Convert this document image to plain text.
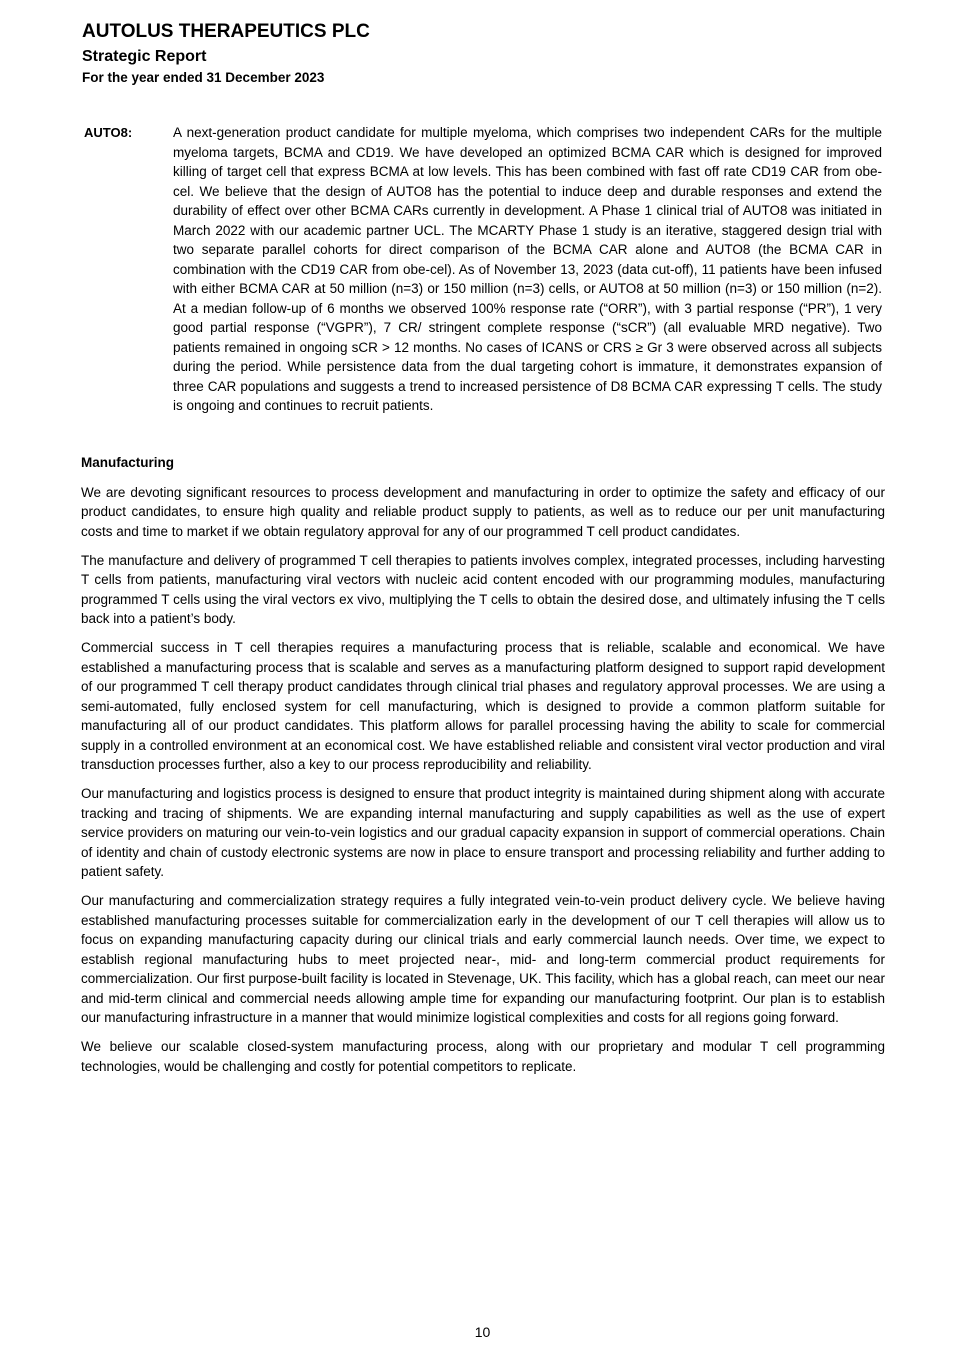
AUTOLUS THERAPEUTICS PLC
Strategic Report
For the year ended 31 December 2023
AUTO8:	A next-generation product candidate for multiple myeloma, which comprises two independent CARs for the multiple myeloma targets, BCMA and CD19. We have developed an optimized BCMA CAR which is designed for improved killing of target cell that express BCMA at low levels. This has been combined with fast off rate CD19 CAR from obe-cel. We believe that the design of AUTO8 has the potential to induce deep and durable responses and extend the durability of effect over other BCMA CARs currently in development. A Phase 1 clinical trial of AUTO8 was initiated in March 2022 with our academic partner UCL. The MCARTY Phase 1 study is an iterative, staggered design trial with two separate parallel cohorts for direct comparison of the BCMA CAR alone and AUTO8 (the BCMA CAR in combination with the CD19 CAR from obe-cel). As of November 13, 2023 (data cut-off), 11 patients have been infused with either BCMA CAR at 50 million (n=3) or 150 million (n=3) cells, or AUTO8 at 50 million (n=3) or 150 million (n=2). At a median follow-up of 6 months we observed 100% response rate (“ORR”), with 3 partial response (“PR”), 1 very good partial response (“VGPR”), 7 CR/ stringent complete response (“sCR”) (all evaluable MRD negative). Two patients remained in ongoing sCR > 12 months. No cases of ICANS or CRS ≥ Gr 3 were observed across all subjects during the period. While persistence data from the dual targeting cohort is immature, it demonstrates expansion of three CAR populations and suggests a trend to increased persistence of D8 BCMA CAR expressing T cells. The study is ongoing and continues to recruit patients.
Manufacturing

We are devoting significant resources to process development and manufacturing in order to optimize the safety and efficacy of our product candidates, to ensure high quality and reliable product supply to patients, as well as to reduce our per unit manufacturing costs and time to market if we obtain regulatory approval for any of our programmed T cell product candidates.

The manufacture and delivery of programmed T cell therapies to patients involves complex, integrated processes, including harvesting T cells from patients, manufacturing viral vectors with nucleic acid content encoded with our programming modules, manufacturing programmed T cells using the viral vectors ex vivo, multiplying the T cells to obtain the desired dose, and ultimately infusing the T cells back into a patient’s body.

Commercial success in T cell therapies requires a manufacturing process that is reliable, scalable and economical. We have established a manufacturing process that is scalable and serves as a manufacturing platform designed to support rapid development of our programmed T cell therapy product candidates through clinical trial phases and regulatory approval processes. We are using a semi-automated, fully enclosed system for cell manufacturing, which is designed to provide a common platform suitable for manufacturing all of our product candidates. This platform allows for parallel processing having the ability to scale for commercial supply in a controlled environment at an economical cost. We have established reliable and consistent viral vector production and viral transduction processes further, also a key to our process reproducibility and reliability.

Our manufacturing and logistics process is designed to ensure that product integrity is maintained during shipment along with accurate tracking and tracing of shipments. We are expanding internal manufacturing and supply capabilities as well as the use of expert service providers on maturing our vein-to-vein logistics and our gradual capacity expansion in support of commercial operations. Chain of identity and chain of custody electronic systems are now in place to ensure transport and processing reliability and further adding to patient safety.

Our manufacturing and commercialization strategy requires a fully integrated vein-to-vein product delivery cycle. We believe having established manufacturing processes suitable for commercialization early in the development of our T cell therapies will allow us to focus on expanding manufacturing capacity during our clinical trials and early commercial launch needs. Over time, we expect to establish regional manufacturing hubs to meet projected near-, mid- and long-term commercial product requirements for commercialization. Our first purpose-built facility is located in Stevenage, UK. This facility, which has a global reach, can meet our near and mid-term clinical and commercial needs allowing ample time for expanding our manufacturing footprint. Our plan is to establish our manufacturing infrastructure in a manner that would minimize logistical complexities and costs for all regions going forward.

We believe our scalable closed-system manufacturing process, along with our proprietary and modular T cell programming technologies, would be challenging and costly for potential competitors to replicate.

10
